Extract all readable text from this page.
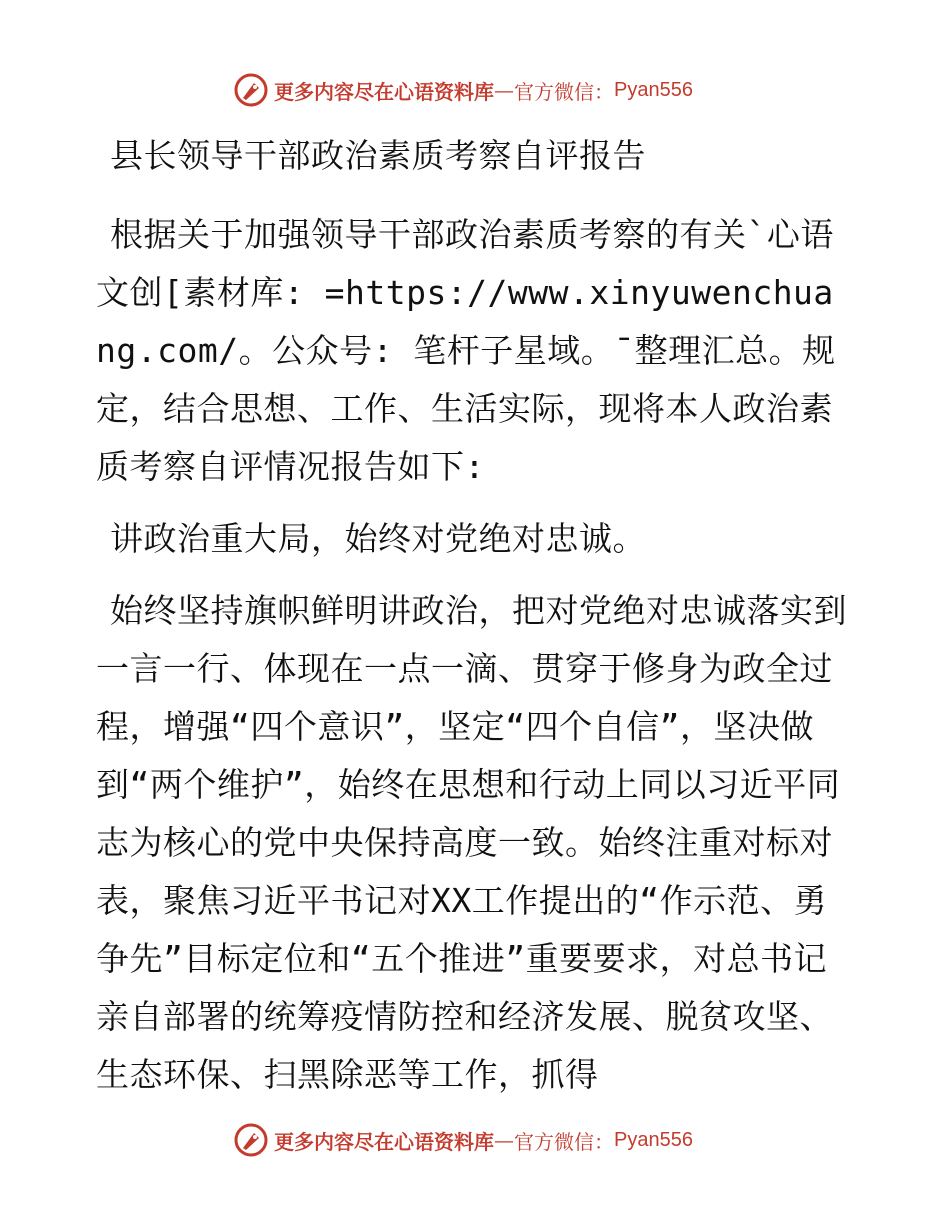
更多内容尽在心语资料库 — 官方微信： Pyan556
县长领导干部政治素质考察自评报告

根据关于加强领导干部政治素质考察的有关`心语文创[素材库: =https://www.xinyuwenchuang.com/。公众号: 笔杆子星域。¯整理汇总。规定，结合思想、工作、生活实际，现将本人政治素质考察自评情况报告如下:

讲政治重大局，始终对党绝对忠诚。

始终坚持旗帜鲜明讲政治，把对党绝对忠诚落实到一言一行、体现在一点一滴、贯穿于修身为政全过程，增强“四个意识”，坚定“四个自信”，坚决做到“两个维护”，始终在思想和行动上同以习近平同志为核心的党中央保持高度一致。始终注重对标对表，聚焦习近平书记对XX工作提出的“作示范、勇争先”目标定位和“五个推进”重要要求，对总书记亲自部署的统筹疫情防控和经济发展、脱贫攻坚、生态环保、扫黑除恶等工作，抓得

更多内容尽在心语资料库 — 官方微信： Pyan556
